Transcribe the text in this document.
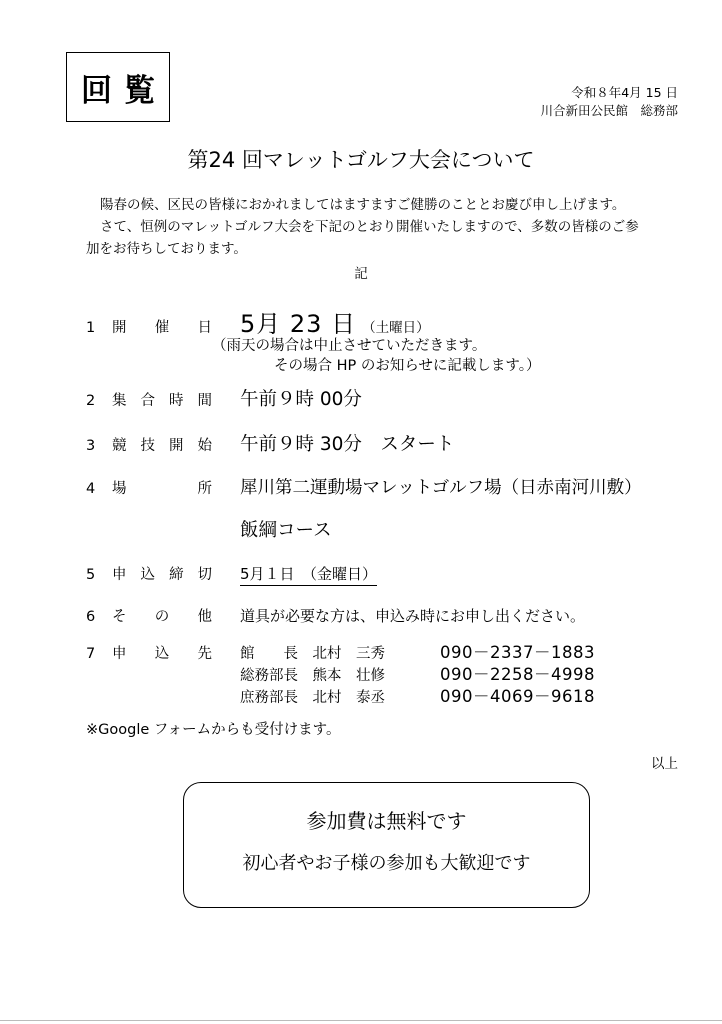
回覧	令和８年4月 15 日
川合新田公民館　総務部
第24 回マレットゴルフ大会について
陽春の候、区民の皆様におかれましてはますますご健勝のこととお慶び申し上げます。
さて、恒例のマレットゴルフ大会を下記のとおり開催いたしますので、多数の皆様のご参
加をお待ちしております。
記
1	開 催 日 5月 23 日 （土曜日）
（雨天の場合は中止させていただきます。
その場合 HP のお知らせに記載します。）
2	集 合 時 間 午前９時 00分
3	競 技 開 始 午前９時 30分　スタート
4	場	所 犀川第二運動場マレットゴルフ場（日赤南河川敷）
飯綱コース
5	申 込 締 切 5月１日　（金曜日）
6	そ の 他 道具が必要な方は、申込み時にお申し出ください。
7	申 込 先 館　　長　北村　三秀	090－2337－1883
総務部長　熊本　壮修	090－2258－4998
庶務部長　北村　泰丞	090－4069－9618
※Google フォームからも受付けます。
以上
参加費は無料です
初心者やお子様の参加も大歓迎です
